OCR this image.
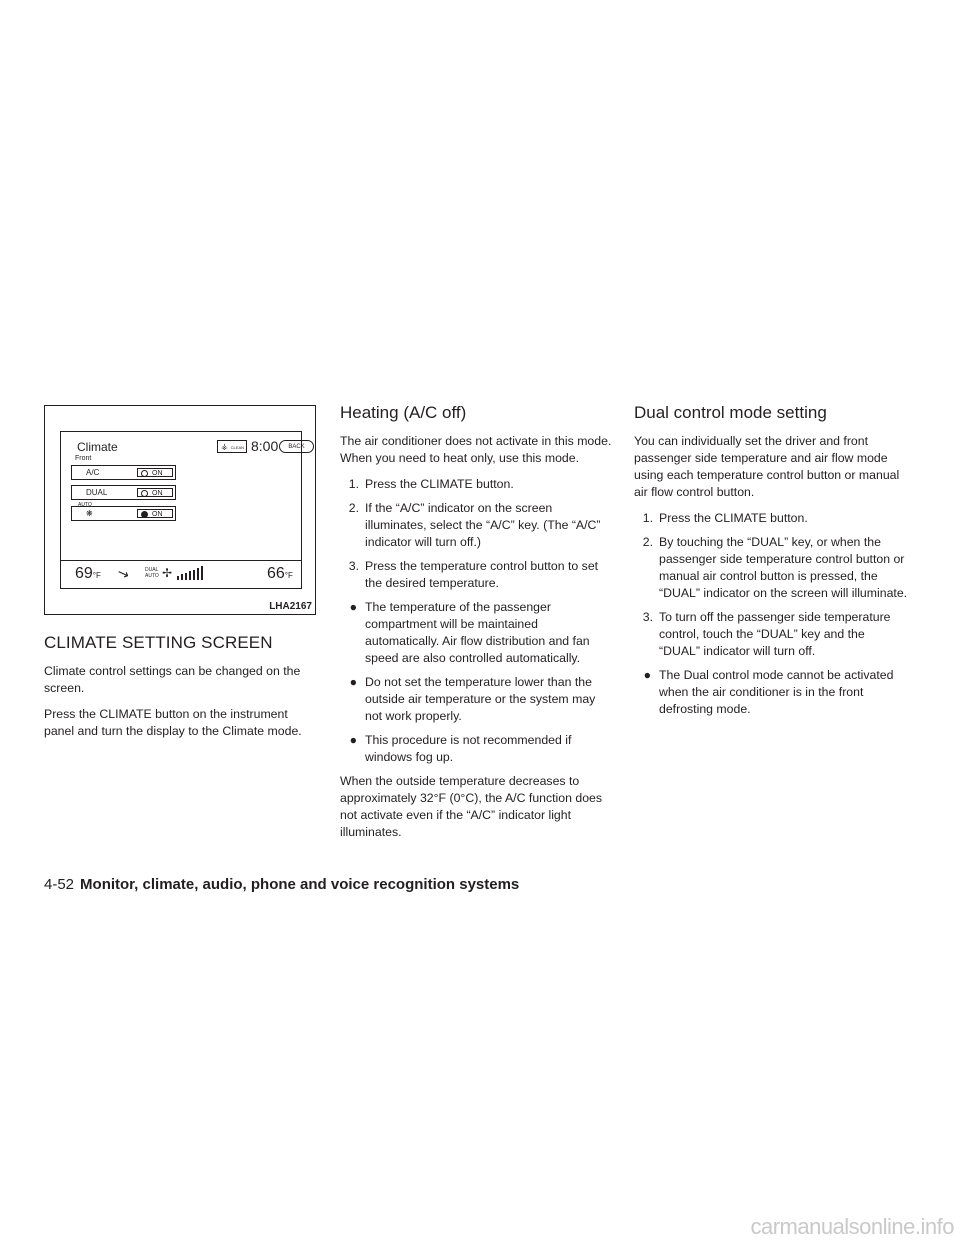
Climate	⚶ CLEAN 8:00	BACK
Front
A/C	ON
DUAL	ON
AUTO
❋	ON
69°F ↘	DUAL
AUTO ✢	66°F
LHA2167
CLIMATE SETTING SCREEN

Climate control settings can be changed on the screen.

Press the CLIMATE button on the instrument panel and turn the display to the Climate mode.

Heating (A/C off)

The air conditioner does not activate in this mode. When you need to heat only, use this mode.

1. Press the CLIMATE button.
2. If the “A/C” indicator on the screen illuminates, select the “A/C” key. (The “A/C” indicator will turn off.)
3. Press the temperature control button to set the desired temperature.
● The temperature of the passenger compartment will be maintained automatically. Air flow distribution and fan speed are also controlled automatically.
● Do not set the temperature lower than the outside air temperature or the system may not work properly.
● This procedure is not recommended if windows fog up.

When the outside temperature decreases to approximately 32°F (0°C), the A/C function does not activate even if the “A/C” indicator light illuminates.

Dual control mode setting

You can individually set the driver and front passenger side temperature and air flow mode using each temperature control button or manual air flow control button.

1. Press the CLIMATE button.
2. By touching the “DUAL” key, or when the passenger side temperature control button or manual air control button is pressed, the “DUAL” indicator on the screen will illuminate.
3. To turn off the passenger side temperature control, touch the “DUAL” key and the “DUAL” indicator will turn off.
● The Dual control mode cannot be activated when the air conditioner is in the front defrosting mode.
4-52 Monitor, climate, audio, phone and voice recognition systems
carmanualsonline.info
